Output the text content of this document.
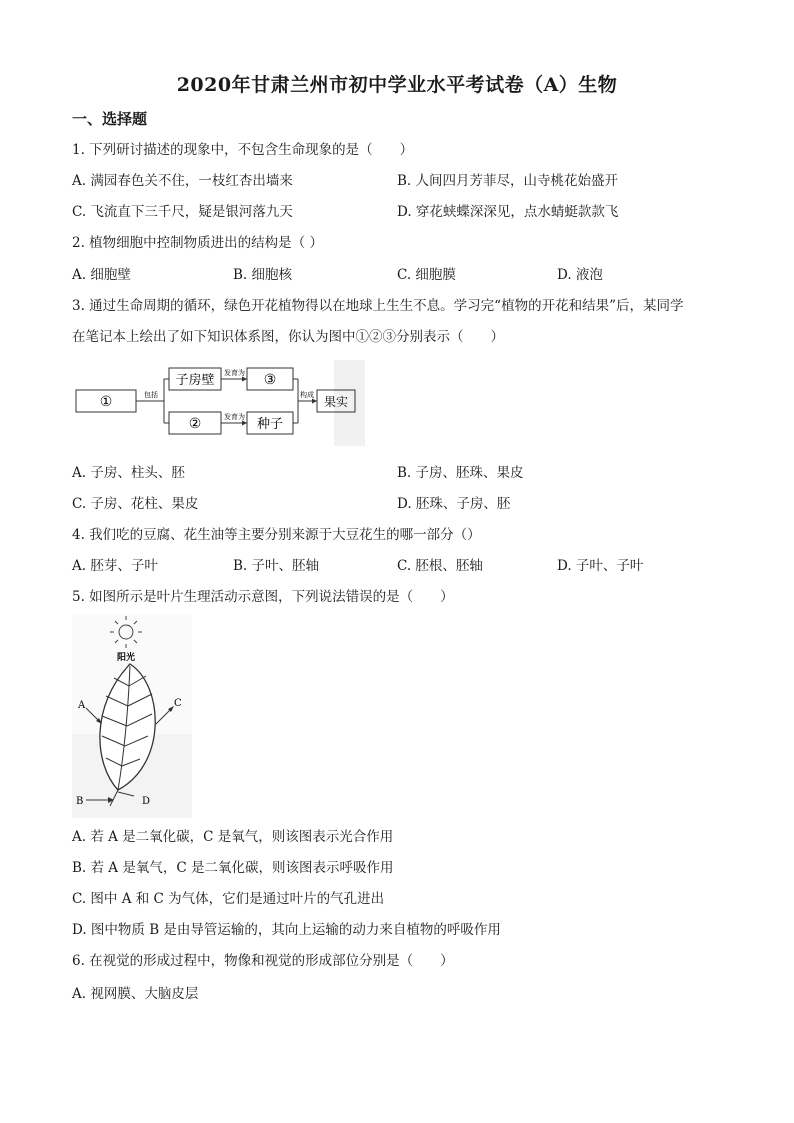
2020年甘肃兰州市初中学业水平考试卷（A）生物
一、选择题
1. 下列研讨描述的现象中，不包含生命现象的是（　　）
A. 满园春色关不住，一枝红杏出墙来	B. 人间四月芳菲尽，山寺桃花始盛开
C. 飞流直下三千尺，疑是银河落九天	D. 穿花蛱蝶深深见，点水蜻蜓款款飞
2. 植物细胞中控制物质进出的结构是（ ）
A. 细胞壁	B. 细胞核	C. 细胞膜	D. 液泡
3. 通过生命周期的循环，绿色开花植物得以在地球上生生不息。学习完“植物的开花和结果”后，某同学
在笔记本上绘出了如下知识体系图，你认为图中①②③分别表示（　　）
①
子房壁	③
②	种子
果实
包括
发育为
发育为
构成
A. 子房、柱头、胚	B. 子房、胚珠、果皮
C. 子房、花柱、果皮	D. 胚珠、子房、胚
4. 我们吃的豆腐、花生油等主要分别来源于大豆花生的哪一部分（）
A. 胚芽、子叶	B. 子叶、胚轴	C. 胚根、胚轴	D. 子叶、子叶
5. 如图所示是叶片生理活动示意图，下列说法错误的是（　　）
阳光
A	C
B	D
A. 若 A 是二氧化碳，C 是氧气，则该图表示光合作用
B. 若 A 是氧气，C 是二氧化碳，则该图表示呼吸作用
C. 图中 A 和 C 为气体，它们是通过叶片的气孔进出
D. 图中物质 B 是由导管运输的，其向上运输的动力来自植物的呼吸作用
6. 在视觉的形成过程中，物像和视觉的形成部位分别是（　　）
A. 视网膜、大脑皮层
